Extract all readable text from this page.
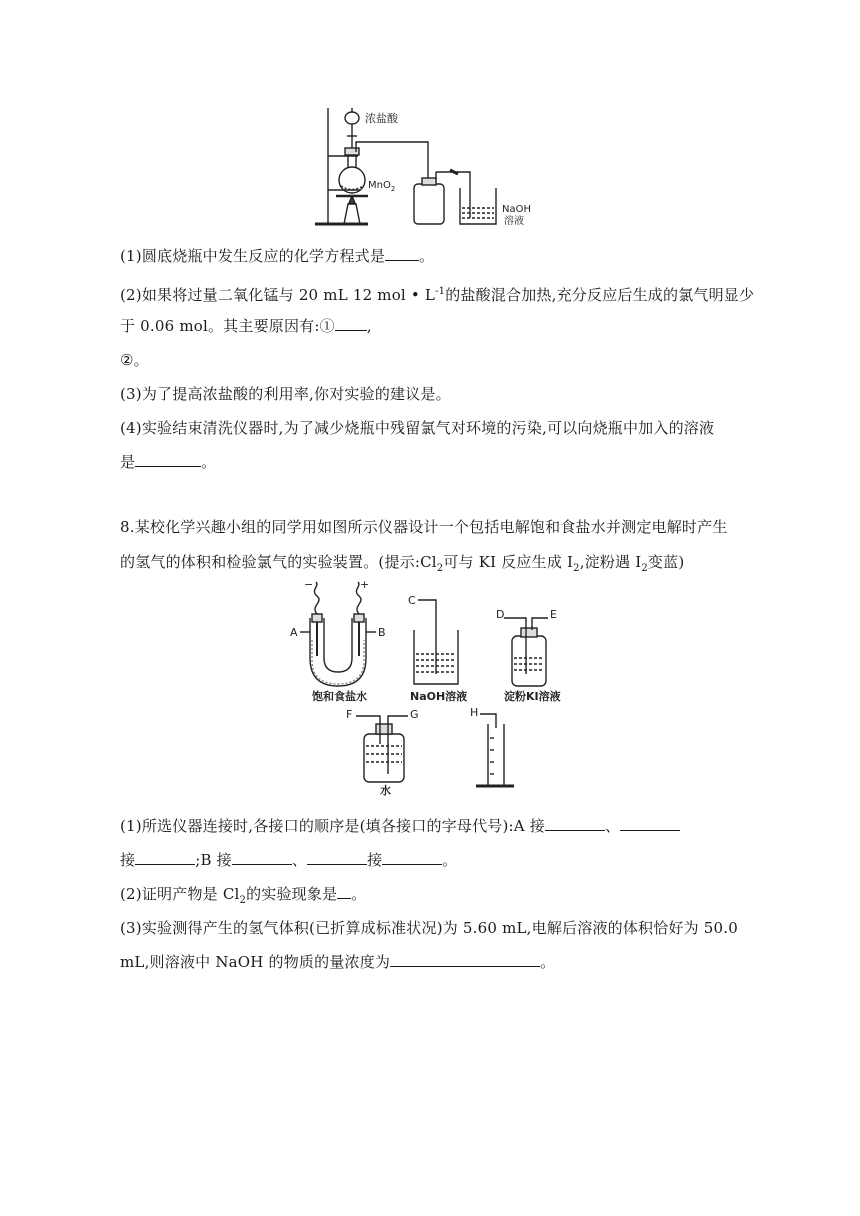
浓盐酸
MnO$_2$
NaOH
溶液
(1)圆底烧瓶中发生反应的化学方程式是 。
(2)如果将过量二氧化锰与 20 mL 12 mol • $L^{-1}$的盐酸混合加热,充分反应后生成的氯气明显少
于 0.06 mol。其主要原因有:① ,
②。
(3)为了提高浓盐酸的利用率,你对实验的建议是。
(4)实验结束清洗仪器时,为了减少烧瓶中残留氯气对环境的污染,可以向烧瓶中加入的溶液
是	。
8.某校化学兴趣小组的同学用如图所示仪器设计一个包括电解饱和食盐水并测定电解时产生
的氢气的体积和检验氯气的实验装置。(提示$:Cl_2$可与 KI 反应生成 $I_2$,淀粉遇 $I_2$变蓝)
−	+
A	B
C
D	E
F	G	H
饱和食盐水	NaOH溶液	淀粉KI溶液
水
(1)所选仪器连接时,各接口的顺序是(填各接口的字母代号):A 接	、
接	;B 接	、	接	。
(2)证明产物是 $Cl_2$的实验现象是 。
(3)实验测得产生的氢气体积(已折算成标准状况)为 5.60 mL,电解后溶液的体积恰好为 50.0
mL,则溶液中 NaOH 的物质的量浓度为	。
